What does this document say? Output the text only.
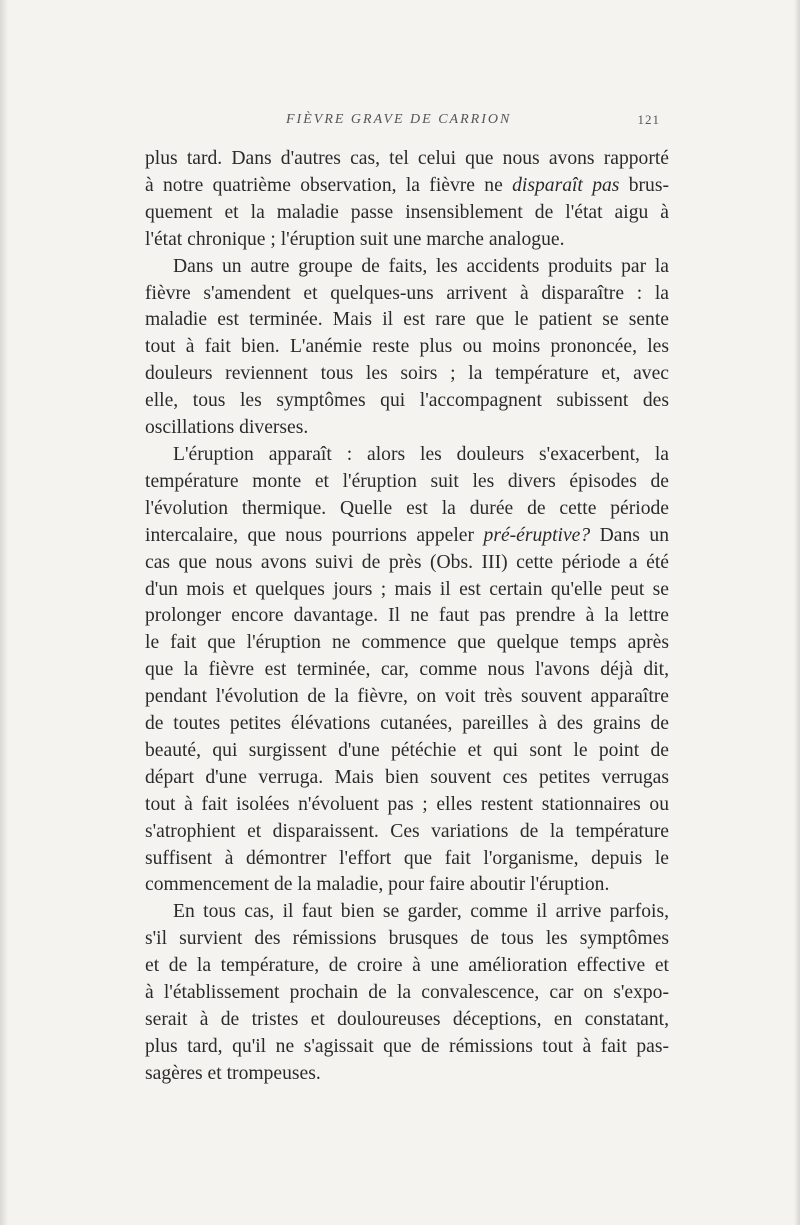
FIÈVRE GRAVE DE CARRION	121
plus tard. Dans d'autres cas, tel celui que nous avons rapporté
à notre quatrième observation, la fièvre ne disparaît pas brus-
quement et la maladie passe insensiblement de l'état aigu à
l'état chronique ; l'éruption suit une marche analogue.
Dans un autre groupe de faits, les accidents produits par la
fièvre s'amendent et quelques-uns arrivent à disparaître : la
maladie est terminée. Mais il est rare que le patient se sente
tout à fait bien. L'anémie reste plus ou moins prononcée, les
douleurs reviennent tous les soirs ; la température et, avec
elle, tous les symptômes qui l'accompagnent subissent des
oscillations diverses.
L'éruption apparaît : alors les douleurs s'exacerbent, la
température monte et l'éruption suit les divers épisodes de
l'évolution thermique. Quelle est la durée de cette période
intercalaire, que nous pourrions appeler pré-éruptive? Dans un
cas que nous avons suivi de près (Obs. III) cette période a été
d'un mois et quelques jours ; mais il est certain qu'elle peut se
prolonger encore davantage. Il ne faut pas prendre à la lettre
le fait que l'éruption ne commence que quelque temps après
que la fièvre est terminée, car, comme nous l'avons déjà dit,
pendant l'évolution de la fièvre, on voit très souvent apparaître
de toutes petites élévations cutanées, pareilles à des grains de
beauté, qui surgissent d'une pétéchie et qui sont le point de
départ d'une verruga. Mais bien souvent ces petites verrugas
tout à fait isolées n'évoluent pas ; elles restent stationnaires ou
s'atrophient et disparaissent. Ces variations de la température
suffisent à démontrer l'effort que fait l'organisme, depuis le
commencement de la maladie, pour faire aboutir l'éruption.
En tous cas, il faut bien se garder, comme il arrive parfois,
s'il survient des rémissions brusques de tous les symptômes
et de la température, de croire à une amélioration effective et
à l'établissement prochain de la convalescence, car on s'expo-
serait à de tristes et douloureuses déceptions, en constatant,
plus tard, qu'il ne s'agissait que de rémissions tout à fait pas-
sagères et trompeuses.
